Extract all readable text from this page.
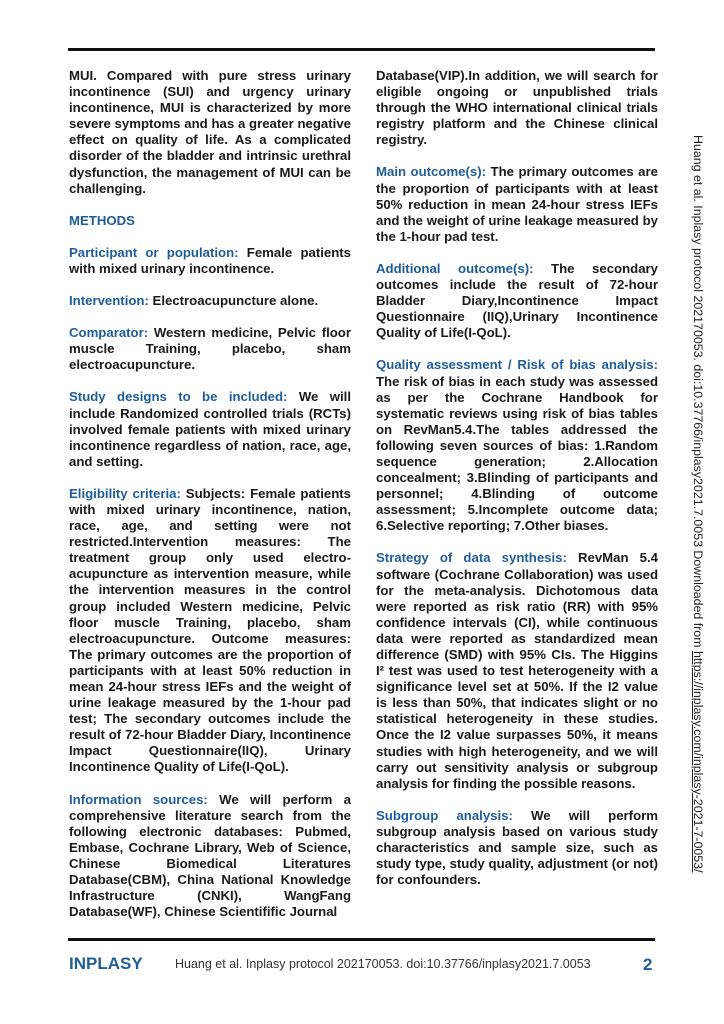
MUI. Compared with pure stress urinary incontinence (SUI) and urgency urinary incontinence, MUI is characterized by more severe symptoms and has a greater negative effect on quality of life. As a complicated disorder of the bladder and intrinsic urethral dysfunction, the management of MUI can be challenging.

METHODS

Participant or population: Female patients with mixed urinary incontinence.

Intervention: Electroacupuncture alone.

Comparator: Western medicine, Pelvic floor muscle Training, placebo, sham electroacupuncture.

Study designs to be included: We will include Randomized controlled trials (RCTs) involved female patients with mixed urinary incontinence regardless of nation, race, age, and setting.

Eligibility criteria: Subjects: Female patients with mixed urinary incontinence, nation, race, age, and setting were not restricted.Intervention measures: The treatment group only used electro-acupuncture as intervention measure, while the intervention measures in the control group included Western medicine, Pelvic floor muscle Training, placebo, sham electroacupuncture. Outcome measures: The primary outcomes are the proportion of participants with at least 50% reduction in mean 24-hour stress IEFs and the weight of urine leakage measured by the 1-hour pad test; The secondary outcomes include the result of 72-hour Bladder Diary, Incontinence Impact Questionnaire(IIQ), Urinary Incontinence Quality of Life(I-QoL).

Information sources: We will perform a comprehensive literature search from the following electronic databases: Pubmed, Embase, Cochrane Library, Web of Science, Chinese Biomedical Literatures Database(CBM), China National Knowledge Infrastructure (CNKI), WangFang Database(WF), Chinese Scientifific Journal

Database(VIP).In addition, we will search for eligible ongoing or unpublished trials through the WHO international clinical trials registry platform and the Chinese clinical registry.

Main outcome(s): The primary outcomes are the proportion of participants with at least 50% reduction in mean 24-hour stress IEFs and the weight of urine leakage measured by the 1-hour pad test.

Additional outcome(s): The secondary outcomes include the result of 72-hour Bladder Diary,Incontinence Impact Questionnaire (IIQ),Urinary Incontinence Quality of Life(I-QoL).

Quality assessment / Risk of bias analysis: The risk of bias in each study was assessed as per the Cochrane Handbook for systematic reviews using risk of bias tables on RevMan5.4.The tables addressed the following seven sources of bias: 1.Random sequence generation; 2.Allocation concealment; 3.Blinding of participants and personnel; 4.Blinding of outcome assessment; 5.Incomplete outcome data; 6.Selective reporting; 7.Other biases.

Strategy of data synthesis: RevMan 5.4 software (Cochrane Collaboration) was used for the meta-analysis. Dichotomous data were reported as risk ratio (RR) with 95% confidence intervals (CI), while continuous data were reported as standardized mean difference (SMD) with 95% CIs. The Higgins I² test was used to test heterogeneity with a significance level set at 50%. If the I2 value is less than 50%, that indicates slight or no statistical heterogeneity in these studies. Once the I2 value surpasses 50%, it means studies with high heterogeneity, and we will carry out sensitivity analysis or subgroup analysis for finding the possible reasons.

Subgroup analysis: We will perform subgroup analysis based on various study characteristics and sample size, such as study type, study quality, adjustment (or not) for confounders.

Huang et al. Inplasy protocol 202170053. doi:10.37766/inplasy2021.7.0053 Downloaded from https://inplasy.com/inplasy-2021-7-0053/
INPLASY	Huang et al. Inplasy protocol 202170053. doi:10.37766/inplasy2021.7.0053	2
